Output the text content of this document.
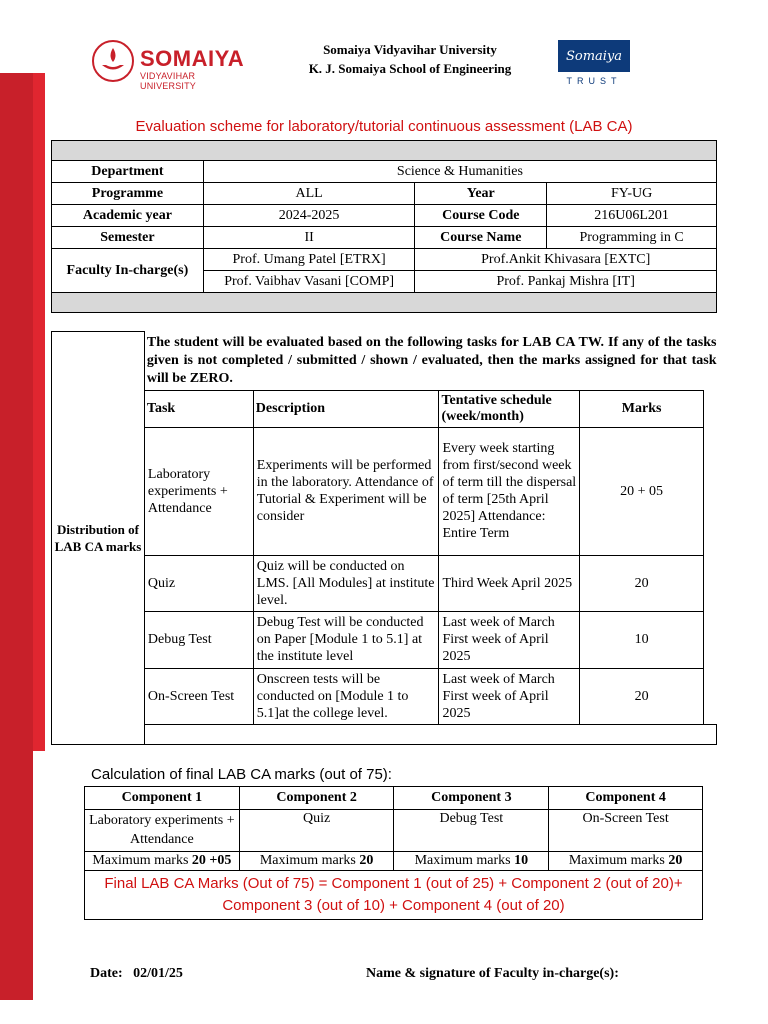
SOMAIYA
VIDYAVIHAR UNIVERSITY
Somaiya Vidyavihar University
K. J. Somaiya School of Engineering
Somaiya
TRUST
Evaluation scheme for laboratory/tutorial continuous assessment (LAB CA)

Department	Science & Humanities		
Programme	ALL	Year	FY-UG
Academic year	2024-2025	Course Code	216U06L201
Semester	II	Course Name	Programming in C
Faculty In-charge(s)	Prof. Umang Patel [ETRX]	Prof.Ankit Khivasara [EXTC]	
	Prof. Vaibhav Vasani [COMP]	Prof. Pankaj Mishra [IT]	

Distribution of LAB CA marks	The student will be evaluated based on the following tasks for LAB CA TW. If any of the tasks given is not completed / submitted / shown / evaluated, then the marks assigned for that task will be ZERO.				
	Task	Description	Tentative schedule (week/month)	Marks	
	Laboratory experiments + Attendance	Experiments will be performed in the laboratory. Attendance of Tutorial & Experiment will be consider	Every week starting from first/second week of term till the dispersal of term [25th April 2025] Attendance: Entire Term	20 + 05	
	Quiz	Quiz will be conducted on LMS. [All Modules] at institute level.	Third Week April 2025	20	
	Debug Test	Debug Test will be conducted on Paper [Module 1 to 5.1] at the institute level	Last week of March First week of April 2025	10	
	On-Screen Test	Onscreen tests will be conducted on [Module 1 to 5.1]at the college level.	Last week of March First week of April 2025	20	

Calculation of final LAB CA marks (out of 75):
Component 1	Component 2	Component 3	Component 4
Laboratory experiments + Attendance	Quiz	Debug Test	On-Screen Test
Maximum marks 20 +05	Maximum marks 20	Maximum marks 10	Maximum marks 20

Final LAB CA Marks (Out of 75) = Component 1 (out of 25) + Component 2 (out of 20)+
Component 3 (out of 10) + Component 4 (out of 20)			
Date: 02/01/25	Name & signature of Faculty in-charge(s):
